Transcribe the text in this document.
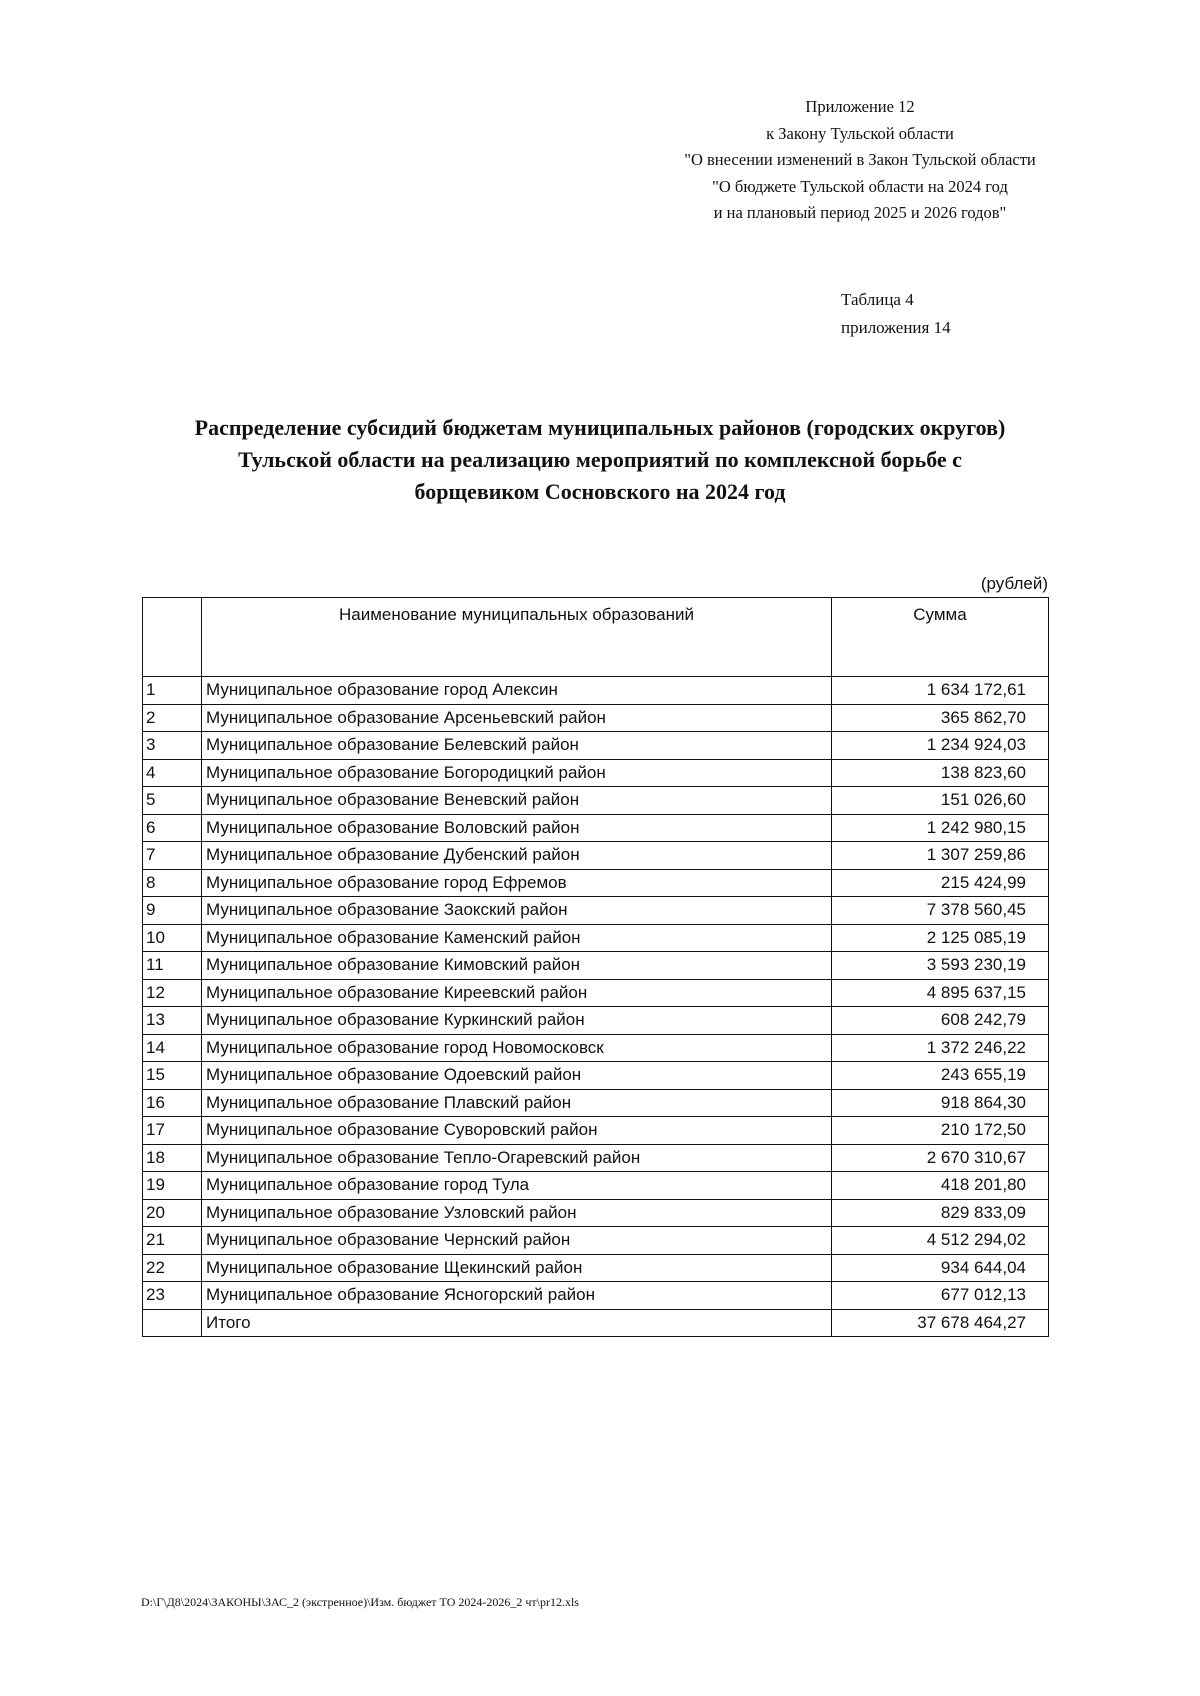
Приложение 12
к Закону Тульской области
"О внесении изменений в Закон Тульской области
"О бюджете Тульской области на 2024 год
и на плановый период 2025 и 2026 годов"
Таблица 4
приложения 14
Распределение субсидий бюджетам муниципальных районов (городских округов)
Тульской области на реализацию мероприятий по комплексной борьбе с
борщевиком Сосновского на 2024 год
(рублей)
	Наименование муниципальных образований	Сумма
1	Муниципальное образование город Алексин	1 634 172,61
2	Муниципальное образование Арсеньевский район	365 862,70
3	Муниципальное образование Белевский район	1 234 924,03
4	Муниципальное образование Богородицкий район	138 823,60
5	Муниципальное образование Веневский район	151 026,60
6	Муниципальное образование Воловский район	1 242 980,15
7	Муниципальное образование Дубенский район	1 307 259,86
8	Муниципальное образование город Ефремов	215 424,99
9	Муниципальное образование Заокский район	7 378 560,45
10	Муниципальное образование Каменский район	2 125 085,19
11	Муниципальное образование Кимовский район	3 593 230,19
12	Муниципальное образование Киреевский район	4 895 637,15
13	Муниципальное образование Куркинский район	608 242,79
14	Муниципальное образование город Новомосковск	1 372 246,22
15	Муниципальное образование Одоевский район	243 655,19
16	Муниципальное образование Плавский район	918 864,30
17	Муниципальное образование Суворовский район	210 172,50
18	Муниципальное образование Тепло-Огаревский район	2 670 310,67
19	Муниципальное образование город Тула	418 201,80
20	Муниципальное образование Узловский район	829 833,09
21	Муниципальное образование Чернский район	4 512 294,02
22	Муниципальное образование Щекинский район	934 644,04
23	Муниципальное образование Ясногорский район	677 012,13
	Итого	37 678 464,27
D:\Г\Д8\2024\ЗАКОНЫ\ЗАС_2 (экстренное)\Изм. бюджет ТО 2024-2026_2 чт\pr12.xls
